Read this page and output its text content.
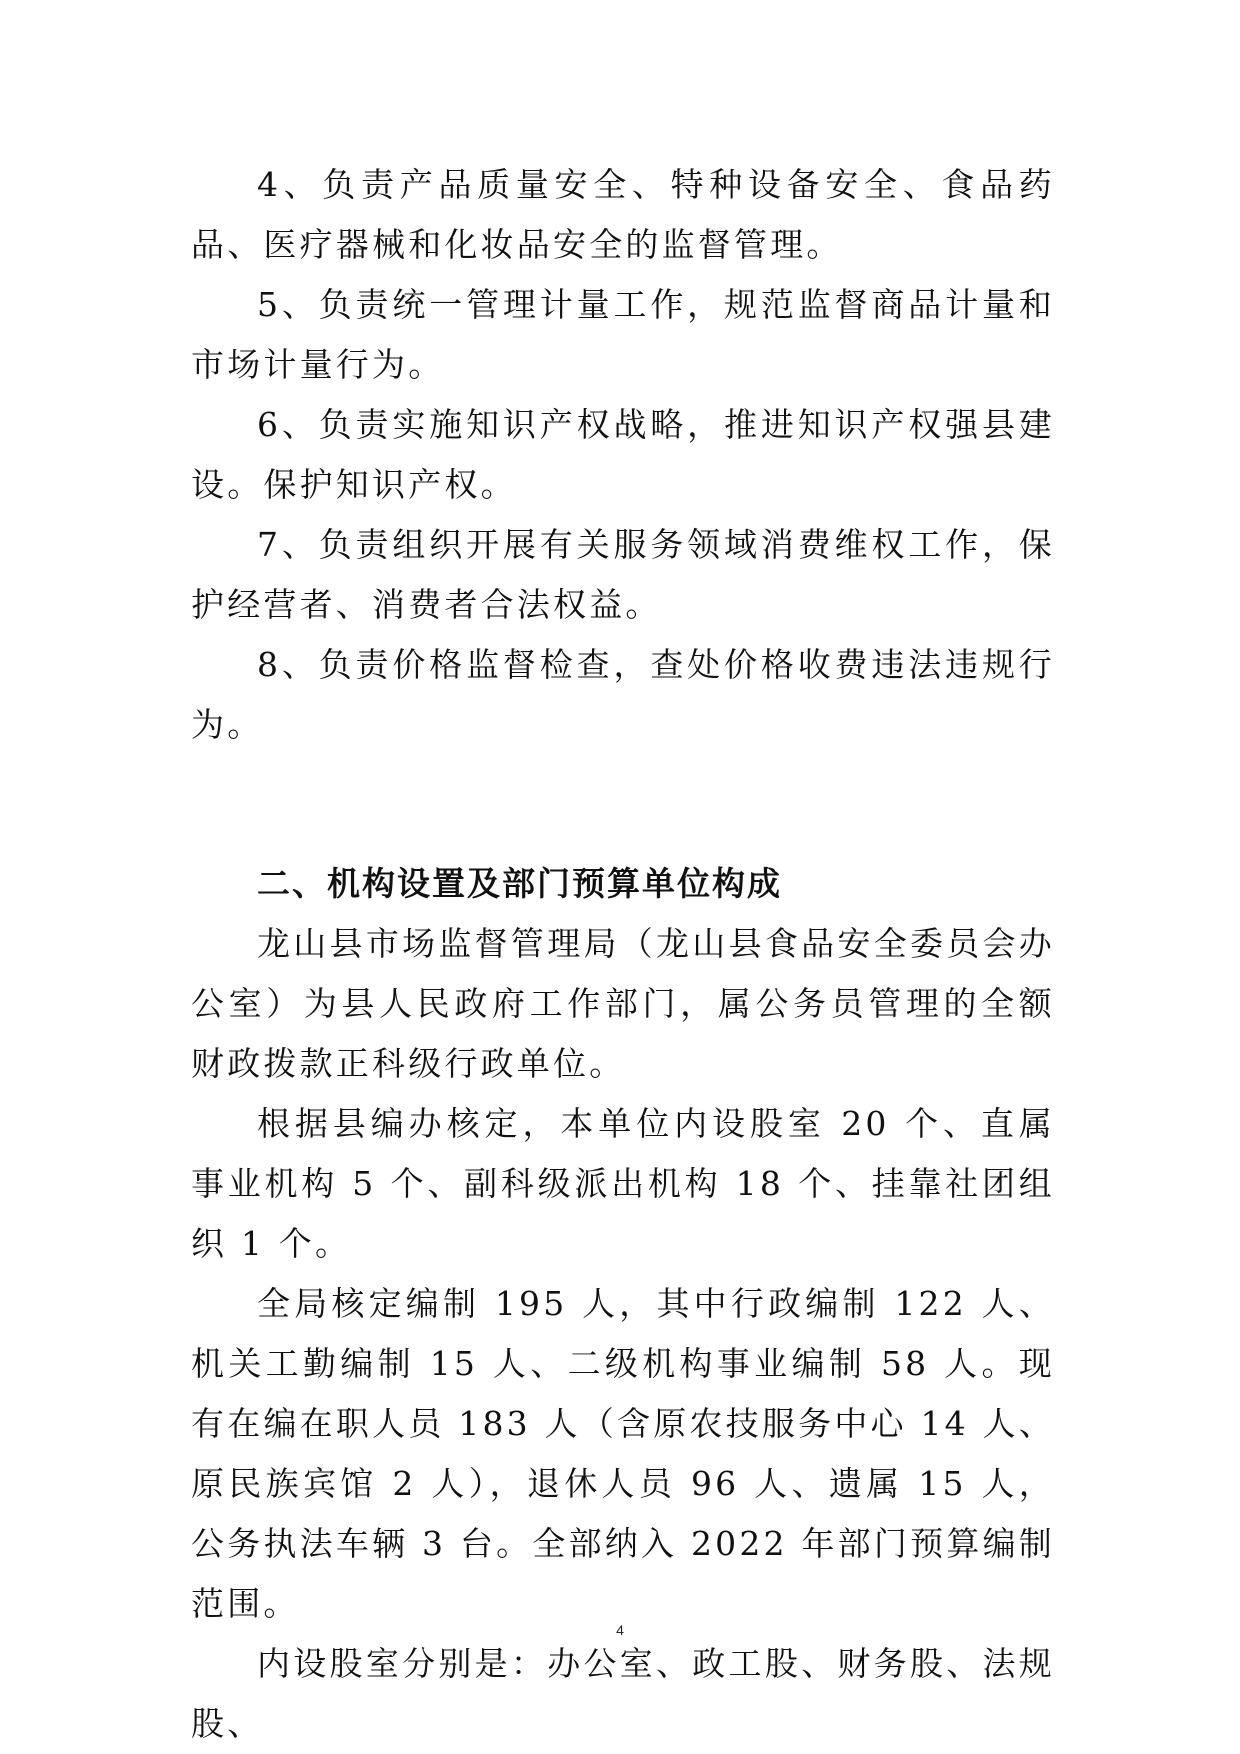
4、负责产品质量安全、特种设备安全、食品药品、医疗器械和化妆品安全的监督管理。

5、负责统一管理计量工作，规范监督商品计量和市场计量行为。

6、负责实施知识产权战略，推进知识产权强县建设。保护知识产权。

7、负责组织开展有关服务领域消费维权工作，保护经营者、消费者合法权益。

8、负责价格监督检查，查处价格收费违法违规行为。

二、机构设置及部门预算单位构成

龙山县市场监督管理局（龙山县食品安全委员会办公室）为县人民政府工作部门，属公务员管理的全额财政拨款正科级行政单位。

根据县编办核定，本单位内设股室 20 个、直属事业机构 5 个、副科级派出机构 18 个、挂靠社团组织 1 个。

全局核定编制 195 人，其中行政编制 122 人、机关工勤编制 15 人、二级机构事业编制 58 人。现有在编在职人员 183 人（含原农技服务中心 14 人、原民族宾馆 2 人），退休人员 96 人、遗属 15 人，公务执法车辆 3 台。全部纳入 2022 年部门预算编制范围。

内设股室分别是：办公室、政工股、财务股、法规股、

4
